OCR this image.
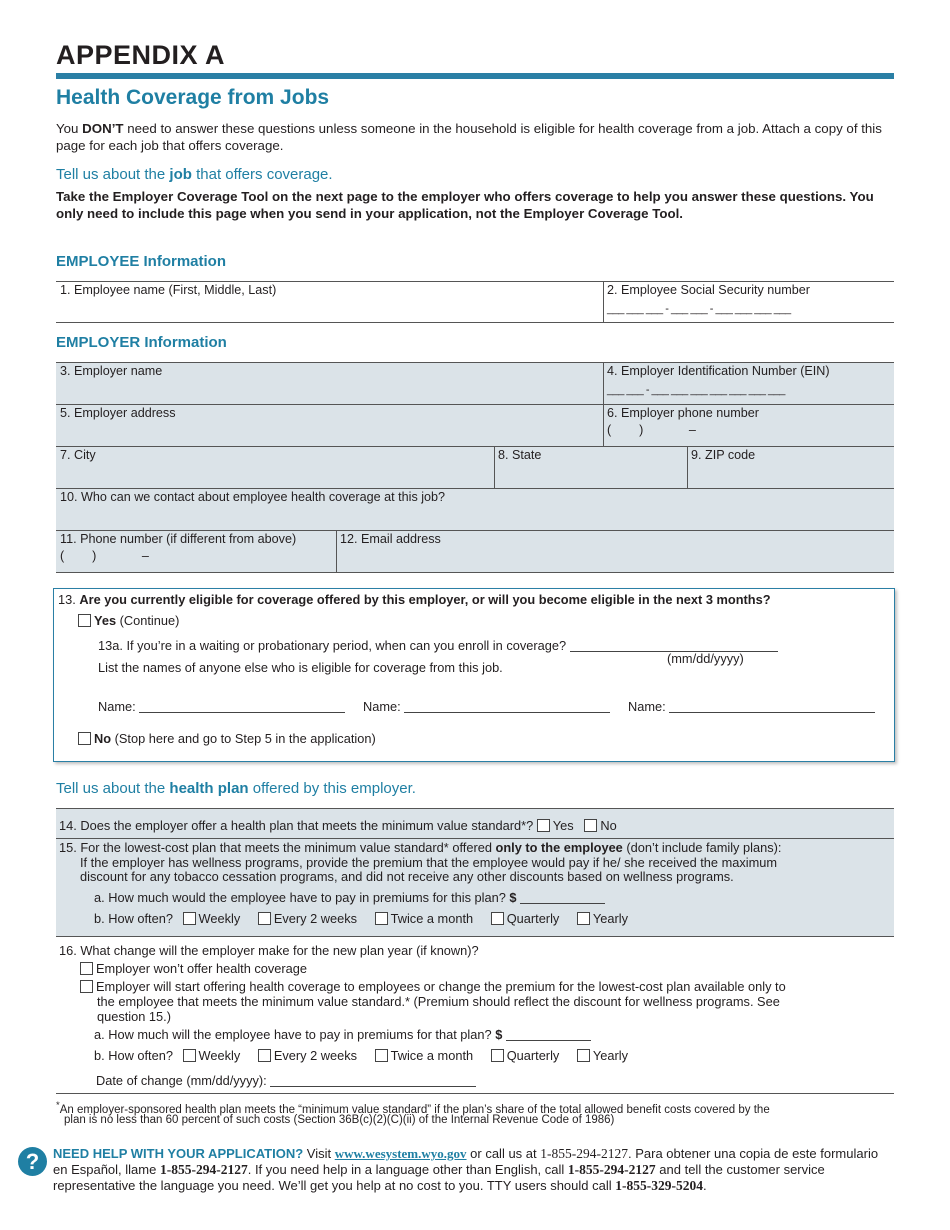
APPENDIX A
Health Coverage from Jobs
You DON’T need to answer these questions unless someone in the household is eligible for health coverage from a job. Attach a copy of this page for each job that offers coverage.
Tell us about the job that offers coverage.
Take the Employer Coverage Tool on the next page to the employer who offers coverage to help you answer these questions. You only need to include this page when you send in your application, not the Employer Coverage Tool.
EMPLOYEE Information
1. Employee name (First, Middle, Last)	2. Employee Social Security number
___ ___ ___ - ___ ___ - ___ ___ ___ ___
EMPLOYER Information
3. Employer name	4. Employer Identification Number (EIN)
___ ___ - ___ ___ ___ ___ ___ ___ ___
5. Employer address	6. Employer phone number
(        )             –
7. City	8. State	9. ZIP code
10. Who can we contact about employee health coverage at this job?
11. Phone number (if different from above)
(        )             –
12. Email address
13. Are you currently eligible for coverage offered by this employer, or will you become eligible in the next 3 months?
Yes (Continue)
13a. If you’re in a waiting or probationary period, when can you enroll in coverage?
(mm/dd/yyyy)
List the names of anyone else who is eligible for coverage from this job.
Name:	Name:	Name:
No (Stop here and go to Step 5 in the application)
Tell us about the health plan offered by this employer.
14. Does the employer offer a health plan that meets the minimum value standard*? Yes No
15. For the lowest-cost plan that meets the minimum value standard* offered only to the employee (don’t include family plans):
If the employer has wellness programs, provide the premium that the employee would pay if he/ she received the maximum
discount for any tobacco cessation programs, and did not receive any other discounts based on wellness programs.
a. How much would the employee have to pay in premiums for this plan? $
b. How often? Weekly	Every 2 weeks	Twice a month	Quarterly	Yearly
16. What change will the employer make for the new plan year (if known)?
Employer won’t offer health coverage
Employer will start offering health coverage to employees or change the premium for the lowest-cost plan available only to
the employee that meets the minimum value standard.* (Premium should reflect the discount for wellness programs. See
question 15.)
a. How much will the employee have to pay in premiums for that plan? $
b. How often? Weekly	Every 2 weeks	Twice a month	Quarterly	Yearly
Date of change (mm/dd/yyyy):
*An employer-sponsored health plan meets the “minimum value standard” if the plan’s share of the total allowed benefit costs covered by the
plan is no less than 60 percent of such costs (Section 36B(c)(2)(C)(ii) of the Internal Revenue Code of 1986)
?	NEED HELP WITH YOUR APPLICATION? Visit www.wesystem.wyo.gov or call us at 1-855-294-2127. Para obtener una copia de este formulario en Español, llame 1-855-294-2127. If you need help in a language other than English, call 1-855-294-2127 and tell the customer service representative the language you need. We’ll get you help at no cost to you. TTY users should call 1-855-329-5204.
